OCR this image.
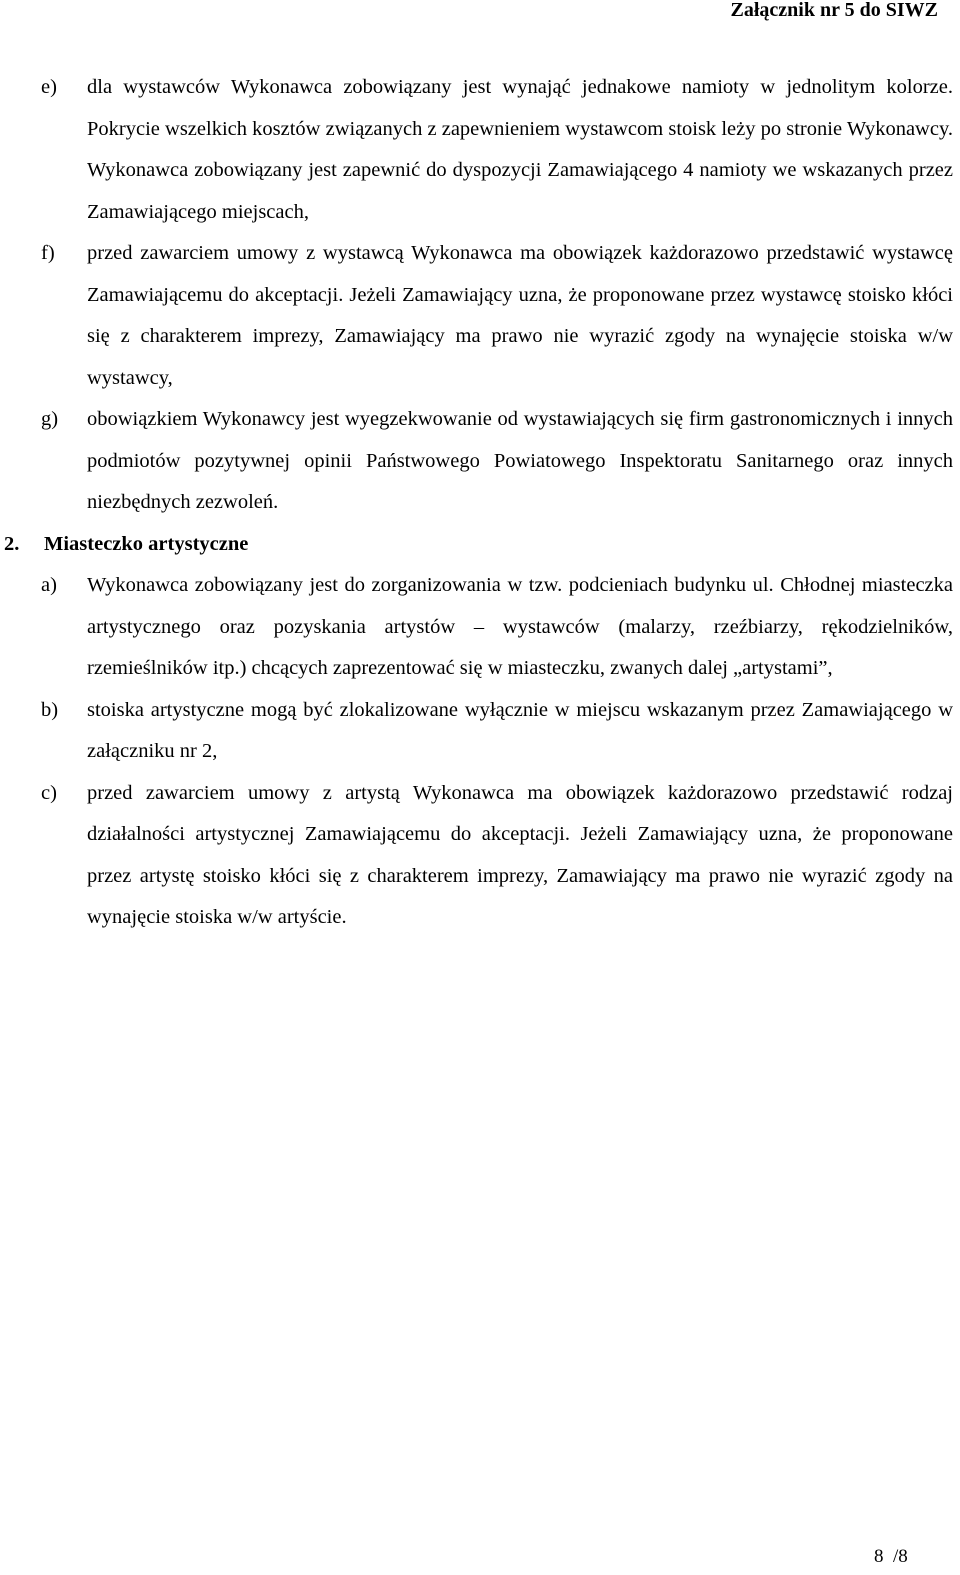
Załącznik nr 5 do SIWZ
e) dla wystawców Wykonawca zobowiązany jest wynająć jednakowe namioty w jednolitym kolorze. Pokrycie wszelkich kosztów związanych z zapewnieniem wystawcom stoisk leży po stronie Wykonawcy. Wykonawca zobowiązany jest zapewnić do dyspozycji Zamawiającego 4 namioty we wskazanych przez Zamawiającego miejscach,
f) przed zawarciem umowy z wystawcą Wykonawca ma obowiązek każdorazowo przedstawić wystawcę Zamawiającemu do akceptacji. Jeżeli Zamawiający uzna, że proponowane przez wystawcę stoisko kłóci się z charakterem imprezy, Zamawiający ma prawo nie wyrazić zgody na wynajęcie stoiska w/w wystawcy,
g) obowiązkiem Wykonawcy jest wyegzekwowanie od wystawiających się firm gastronomicznych i innych podmiotów pozytywnej opinii Państwowego Powiatowego Inspektoratu Sanitarnego oraz innych niezbędnych zezwoleń.
2. Miasteczko artystyczne
a) Wykonawca zobowiązany jest do zorganizowania w tzw. podcieniach budynku ul. Chłodnej miasteczka artystycznego oraz pozyskania artystów – wystawców (malarzy, rzeźbiarzy, rękodzielników, rzemieślników itp.) chcących zaprezentować się w miasteczku, zwanych dalej „artystami”,
b) stoiska artystyczne mogą być zlokalizowane wyłącznie w miejscu wskazanym przez Zamawiającego w załączniku nr 2,
c) przed zawarciem umowy z artystą Wykonawca ma obowiązek każdorazowo przedstawić rodzaj działalności artystycznej Zamawiającemu do akceptacji. Jeżeli Zamawiający uzna, że proponowane przez artystę stoisko kłóci się z charakterem imprezy, Zamawiający ma prawo nie wyrazić zgody na wynajęcie stoiska w/w artyście.
8  /8
